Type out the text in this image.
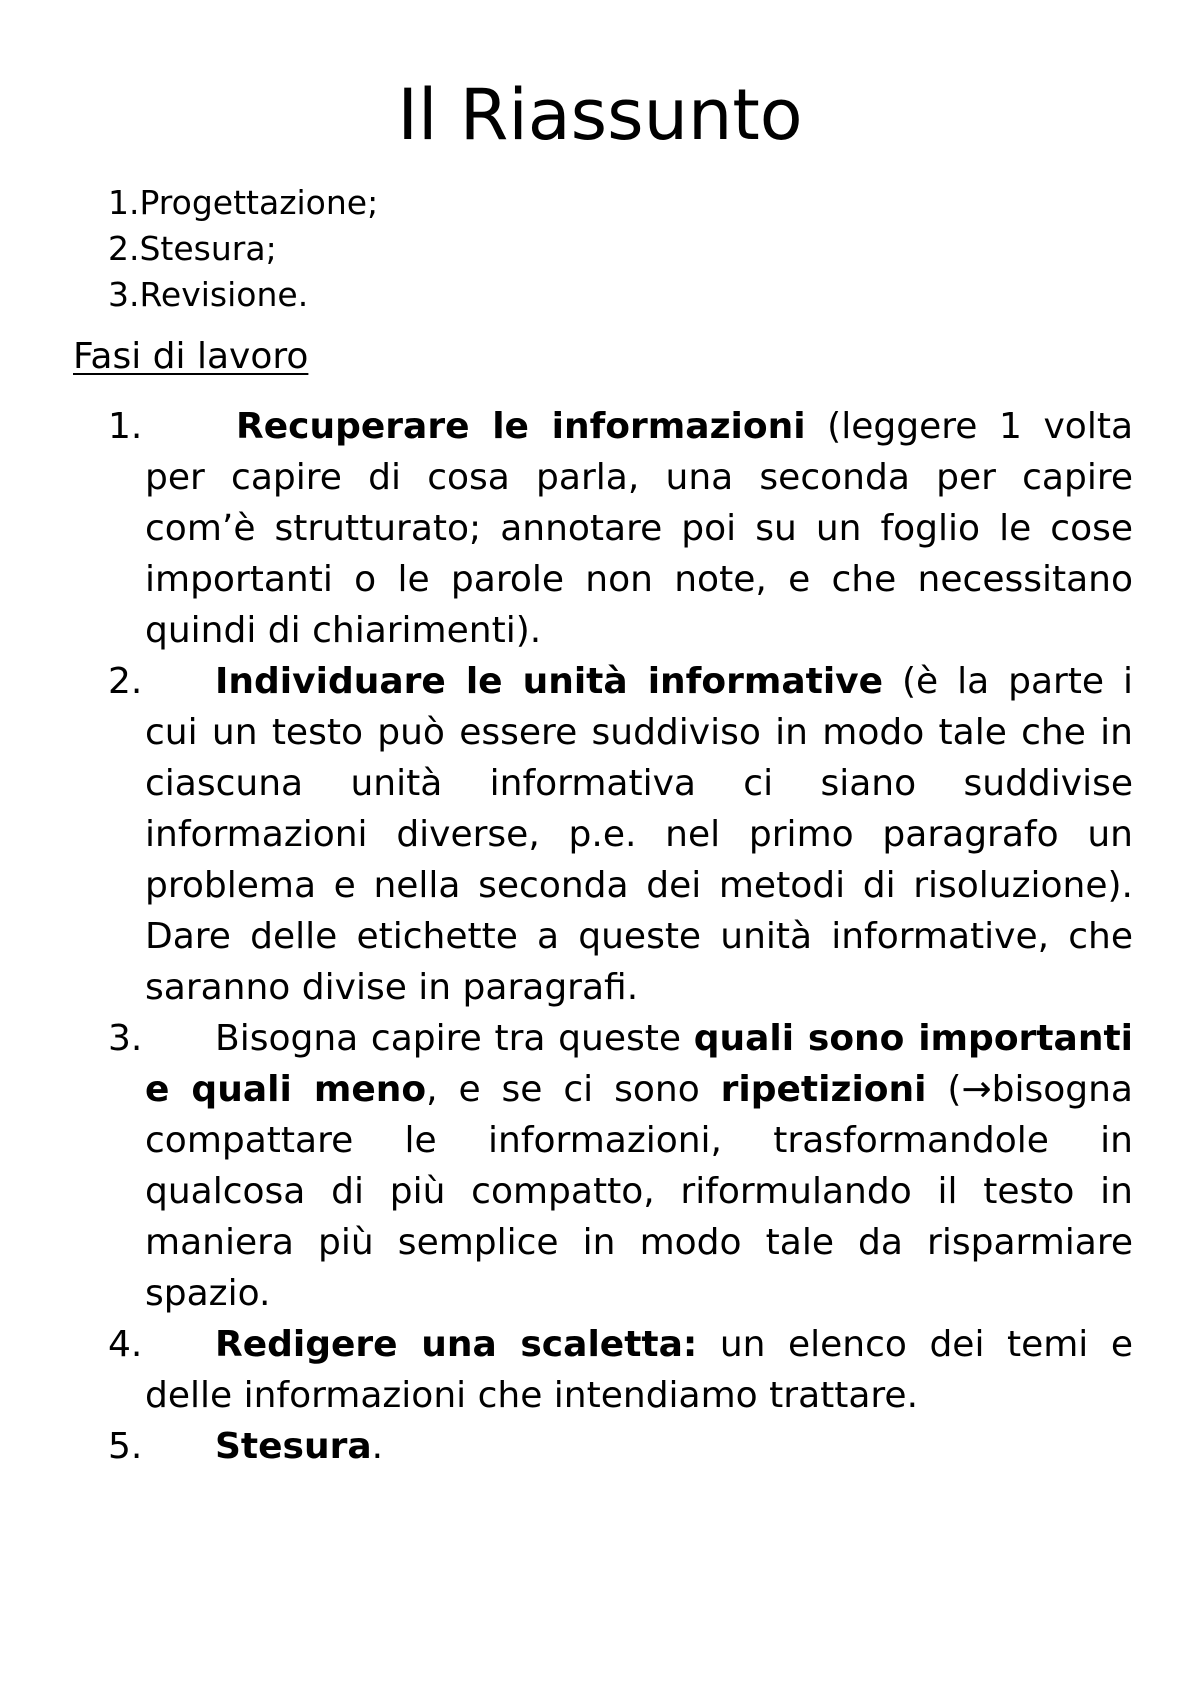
Il Riassunto
1.Progettazione;
2.Stesura;
3.Revisione.
Fasi di lavoro
1.	Recuperare le informazioni (leggere 1 volta per capire di cosa parla, una seconda per capire com’è strutturato; annotare poi su un foglio le cose importanti o le parole non note, e che necessitano quindi di chiarimenti).
2.	Individuare le unità informative (è la parte i cui un testo può essere suddiviso in modo tale che in ciascuna unità informativa ci siano suddivise informazioni diverse, p.e. nel primo paragrafo un problema e nella seconda dei metodi di risoluzione). Dare delle etichette a queste unità informative, che saranno divise in paragrafi.
3.	Bisogna capire tra queste quali sono importanti e quali meno, e se ci sono ripetizioni (→bisogna compattare le informazioni, trasformandole in qualcosa di più compatto, riformulando il testo in maniera più semplice in modo tale da risparmiare spazio.
4.	Redigere una scaletta: un elenco dei temi e delle informazioni che intendiamo trattare.
5.	Stesura.
